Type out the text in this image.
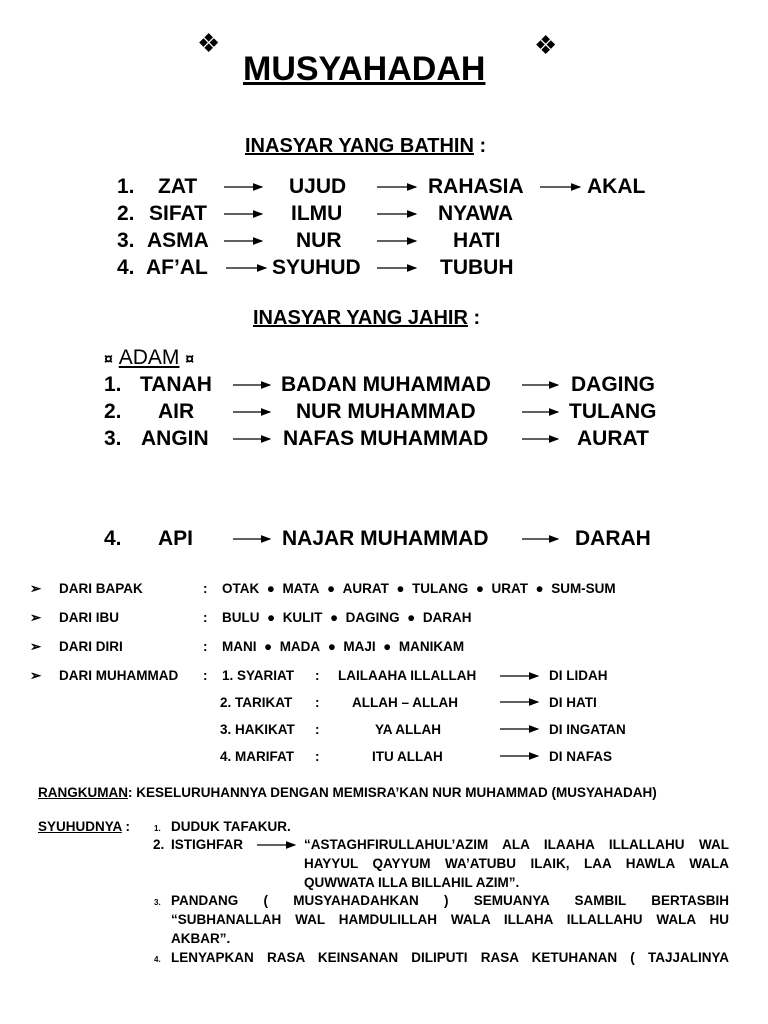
❖	❖
MUSYAHADAH
INASYAR YANG BATHIN :
1. ZAT	UJUD	RAHASIA	AKAL
2. SIFAT	ILMU	NYAWA
3. ASMA	NUR	HATI
4. AF’AL	SYUHUD	TUBUH
INASYAR YANG JAHIR :
¤ ADAM ¤
1. TANAH	BADAN MUHAMMAD	DAGING
2. AIR	NUR MUHAMMAD	TULANG
3. ANGIN	NAFAS MUHAMMAD	AURAT
4. API	NAJAR MUHAMMAD	DARAH
➢ DARI BAPAK	: OTAK ● MATA ● AURAT ● TULANG ● URAT ● SUM-SUM
➢ DARI IBU	: BULU ● KULIT ● DAGING ● DARAH
➢ DARI DIRI	: MANI ● MADA ● MAJI ● MANIKAM
➢ DARI MUHAMMAD : 1. SYARIAT : LAILAAHA ILLALLAH	DI LIDAH
2. TARIKAT : ALLAH – ALLAH	DI HATI
3. HAKIKAT :	YA ALLAH	DI INGATAN
4. MARIFAT :	ITU ALLAH	DI NAFAS
RANGKUMAN: KESELURUHANNYA DENGAN MEMISRA’KAN NUR MUHAMMAD (MUSYAHADAH)
SYUHUDNYA :	1. DUDUK TAFAKUR.
2. ISTIGHFAR	“ASTAGHFIRULLAHUL’AZIM ALA ILAAHA ILLALLAHU WAL
HAYYUL QAYYUM WA’ATUBU ILAIK, LAA HAWLA WALA
QUWWATA ILLA BILLAHIL AZIM”.
3. PANDANG ( MUSYAHADAHKAN ) SEMUANYA SAMBIL BERTASBIH
“SUBHANALLAH WAL HAMDULILLAH WALA ILLAHA ILLALLAHU WALA HU
AKBAR”.
4. LENYAPKAN RASA KEINSANAN DILIPUTI RASA KETUHANAN ( TAJJALINYA
